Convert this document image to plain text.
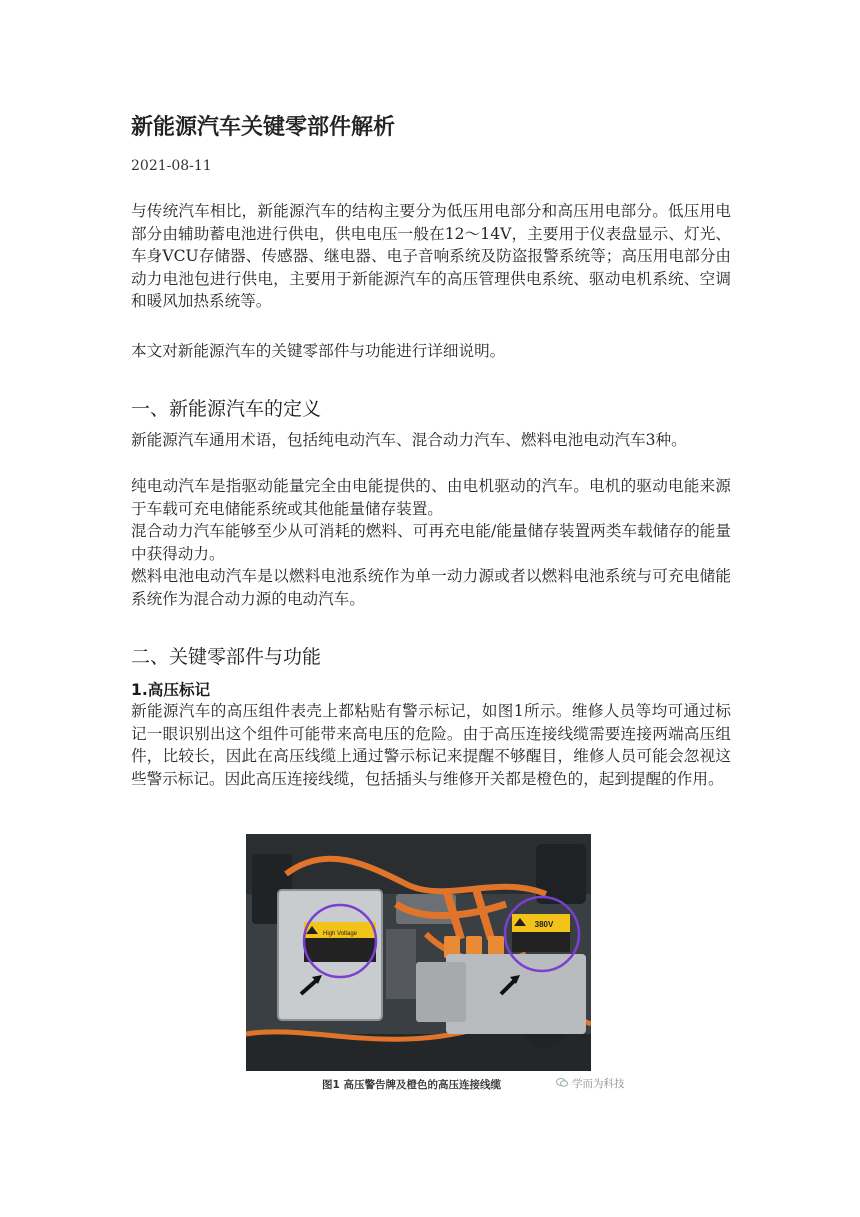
新能源汽车关键零部件解析
2021-08-11

与传统汽车相比，新能源汽车的结构主要分为低压用电部分和高压用电部分。低压用电部分由辅助蓄电池进行供电，供电电压一般在12～14V，主要用于仪表盘显示、灯光、车身VCU存储器、传感器、继电器、电子音响系统及防盗报警系统等；高压用电部分由动力电池包进行供电，主要用于新能源汽车的高压管理供电系统、驱动电机系统、空调和暖风加热系统等。

本文对新能源汽车的关键零部件与功能进行详细说明。

一、新能源汽车的定义

新能源汽车通用术语，包括纯电动汽车、混合动力汽车、燃料电池电动汽车3种。

纯电动汽车是指驱动能量完全由电能提供的、由电机驱动的汽车。电机的驱动电能来源于车载可充电储能系统或其他能量储存装置。

混合动力汽车能够至少从可消耗的燃料、可再充电能/能量储存装置两类车载储存的能量中获得动力。

燃料电池电动汽车是以燃料电池系统作为单一动力源或者以燃料电池系统与可充电储能系统作为混合动力源的电动汽车。

二、关键零部件与功能
1.高压标记

新能源汽车的高压组件表壳上都粘贴有警示标记，如图1所示。维修人员等均可通过标记一眼识别出这个组件可能带来高电压的危险。由于高压连接线缆需要连接两端高压组件，比较长，因此在高压线缆上通过警示标记来提醒不够醒目，维修人员可能会忽视这些警示标记。因此高压连接线缆，包括插头与维修开关都是橙色的，起到提醒的作用。

High Voltage
380V
图1 高压警告牌及橙色的高压连接线缆	学而为科技
